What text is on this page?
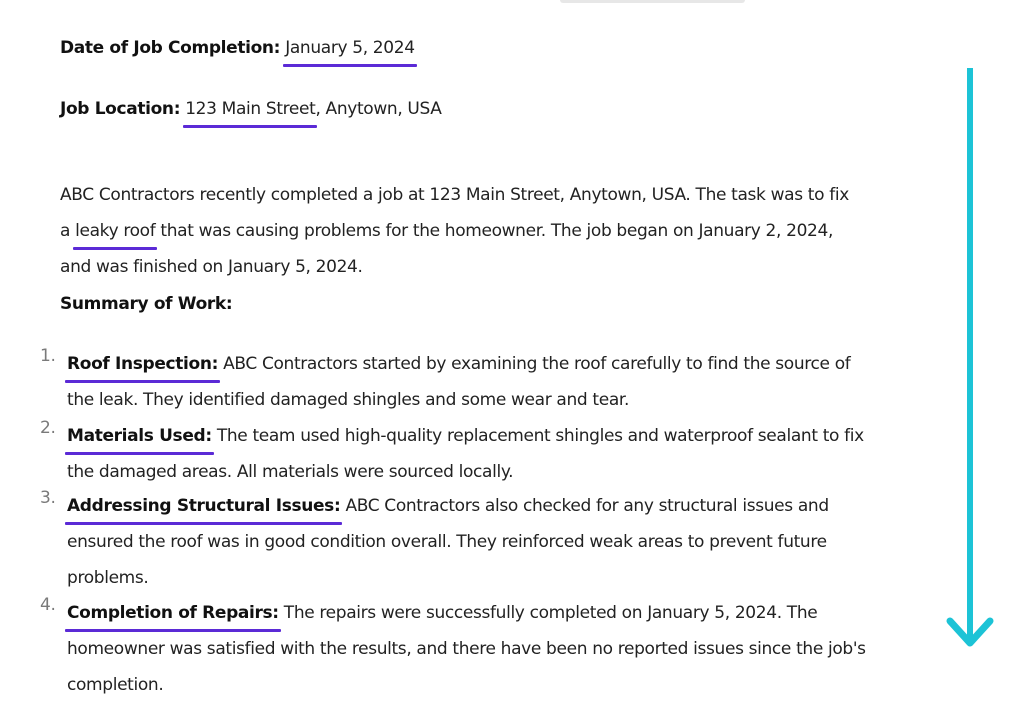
Date of Job Completion: January 5, 2024
Job Location: 123 Main Street, Anytown, USA

ABC Contractors recently completed a job at 123 Main Street, Anytown, USA. The task was to fix a leaky roof that was causing problems for the homeowner. The job began on January 2, 2024, and was finished on January 5, 2024.

Summary of Work:
1. Roof Inspection: ABC Contractors started by examining the roof carefully to find the source of the leak. They identified damaged shingles and some wear and tear.
2. Materials Used: The team used high-quality replacement shingles and waterproof sealant to fix the damaged areas. All materials were sourced locally.
3. Addressing Structural Issues: ABC Contractors also checked for any structural issues and ensured the roof was in good condition overall. They reinforced weak areas to prevent future problems.
4. Completion of Repairs: The repairs were successfully completed on January 5, 2024. The homeowner was satisfied with the results, and there have been no reported issues since the job's completion.
